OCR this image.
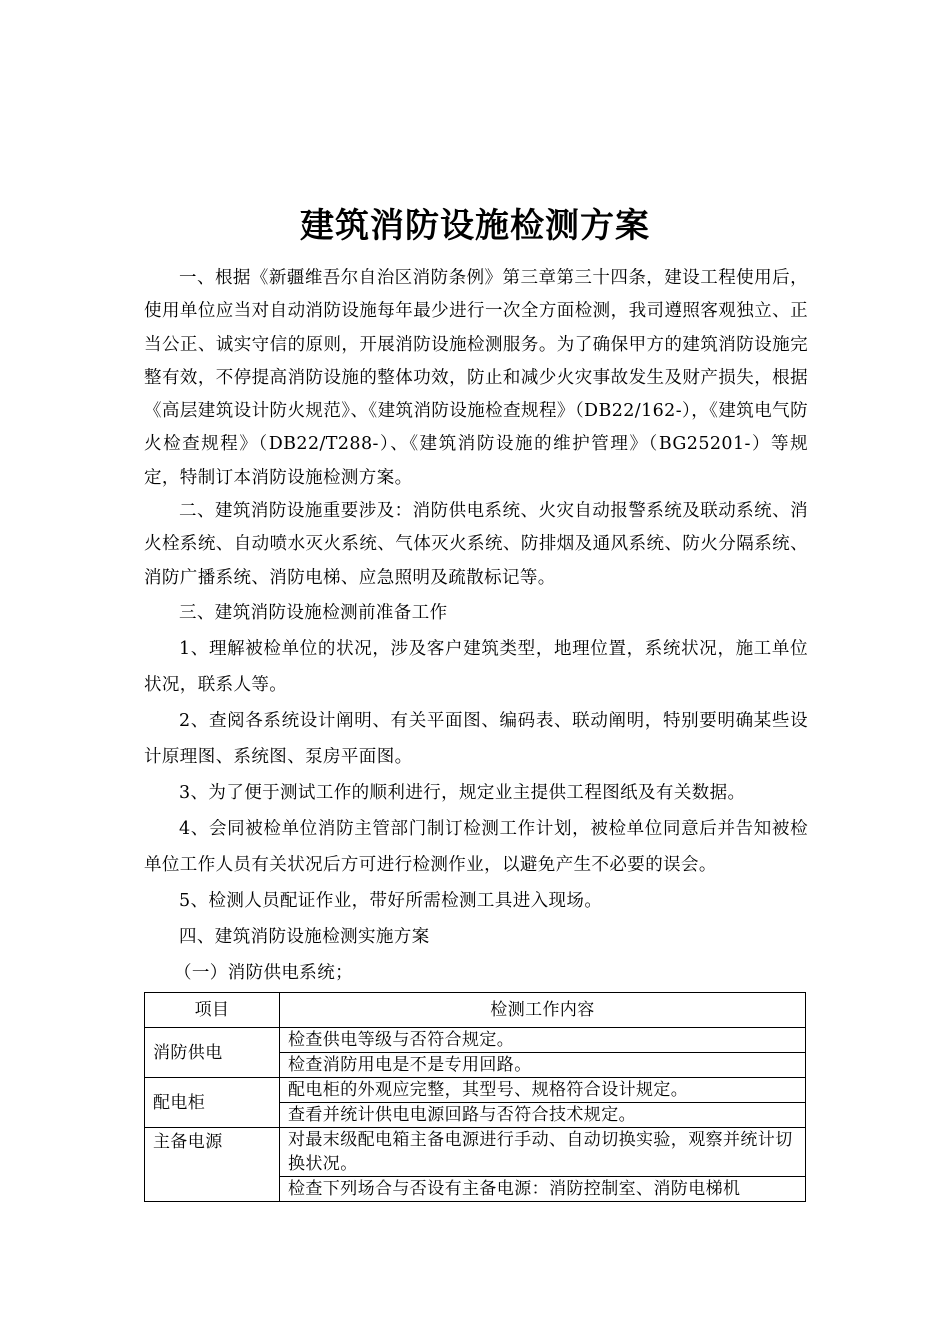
建筑消防设施检测方案

一、根据《新疆维吾尔自治区消防条例》第三章第三十四条，建设工程使用后，使用单位应当对自动消防设施每年最少进行一次全方面检测，我司遵照客观独立、正当公正、诚实守信的原则，开展消防设施检测服务。为了确保甲方的建筑消防设施完整有效，不停提高消防设施的整体功效，防止和减少火灾事故发生及财产损失，根据《高层建筑设计防火规范》、《建筑消防设施检查规程》（DB22/162-），《建筑电气防火检查规程》（DB22/T288-）、《建筑消防设施的维护管理》（BG25201-）等规定，特制订本消防设施检测方案。

二、建筑消防设施重要涉及：消防供电系统、火灾自动报警系统及联动系统、消火栓系统、自动喷水灭火系统、气体灭火系统、防排烟及通风系统、防火分隔系统、消防广播系统、消防电梯、应急照明及疏散标记等。

三、建筑消防设施检测前准备工作

1、理解被检单位的状况，涉及客户建筑类型，地理位置，系统状况，施工单位状况，联系人等。

2、查阅各系统设计阐明、有关平面图、编码表、联动阐明，特别要明确某些设计原理图、系统图、泵房平面图。

3、为了便于测试工作的顺利进行，规定业主提供工程图纸及有关数据。

4、会同被检单位消防主管部门制订检测工作计划，被检单位同意后并告知被检单位工作人员有关状况后方可进行检测作业，以避免产生不必要的误会。

5、检测人员配证作业，带好所需检测工具进入现场。

四、建筑消防设施检测实施方案

（一）消防供电系统；

项目	检测工作内容
消防供电	检查供电等级与否符合规定。
	检查消防用电是不是专用回路。
配电柜	配电柜的外观应完整，其型号、规格符合设计规定。
	查看并统计供电电源回路与否符合技术规定。
主备电源	对最末级配电箱主备电源进行手动、自动切换实验，观察并统计切换状况。
	检查下列场合与否设有主备电源：消防控制室、消防电梯机
